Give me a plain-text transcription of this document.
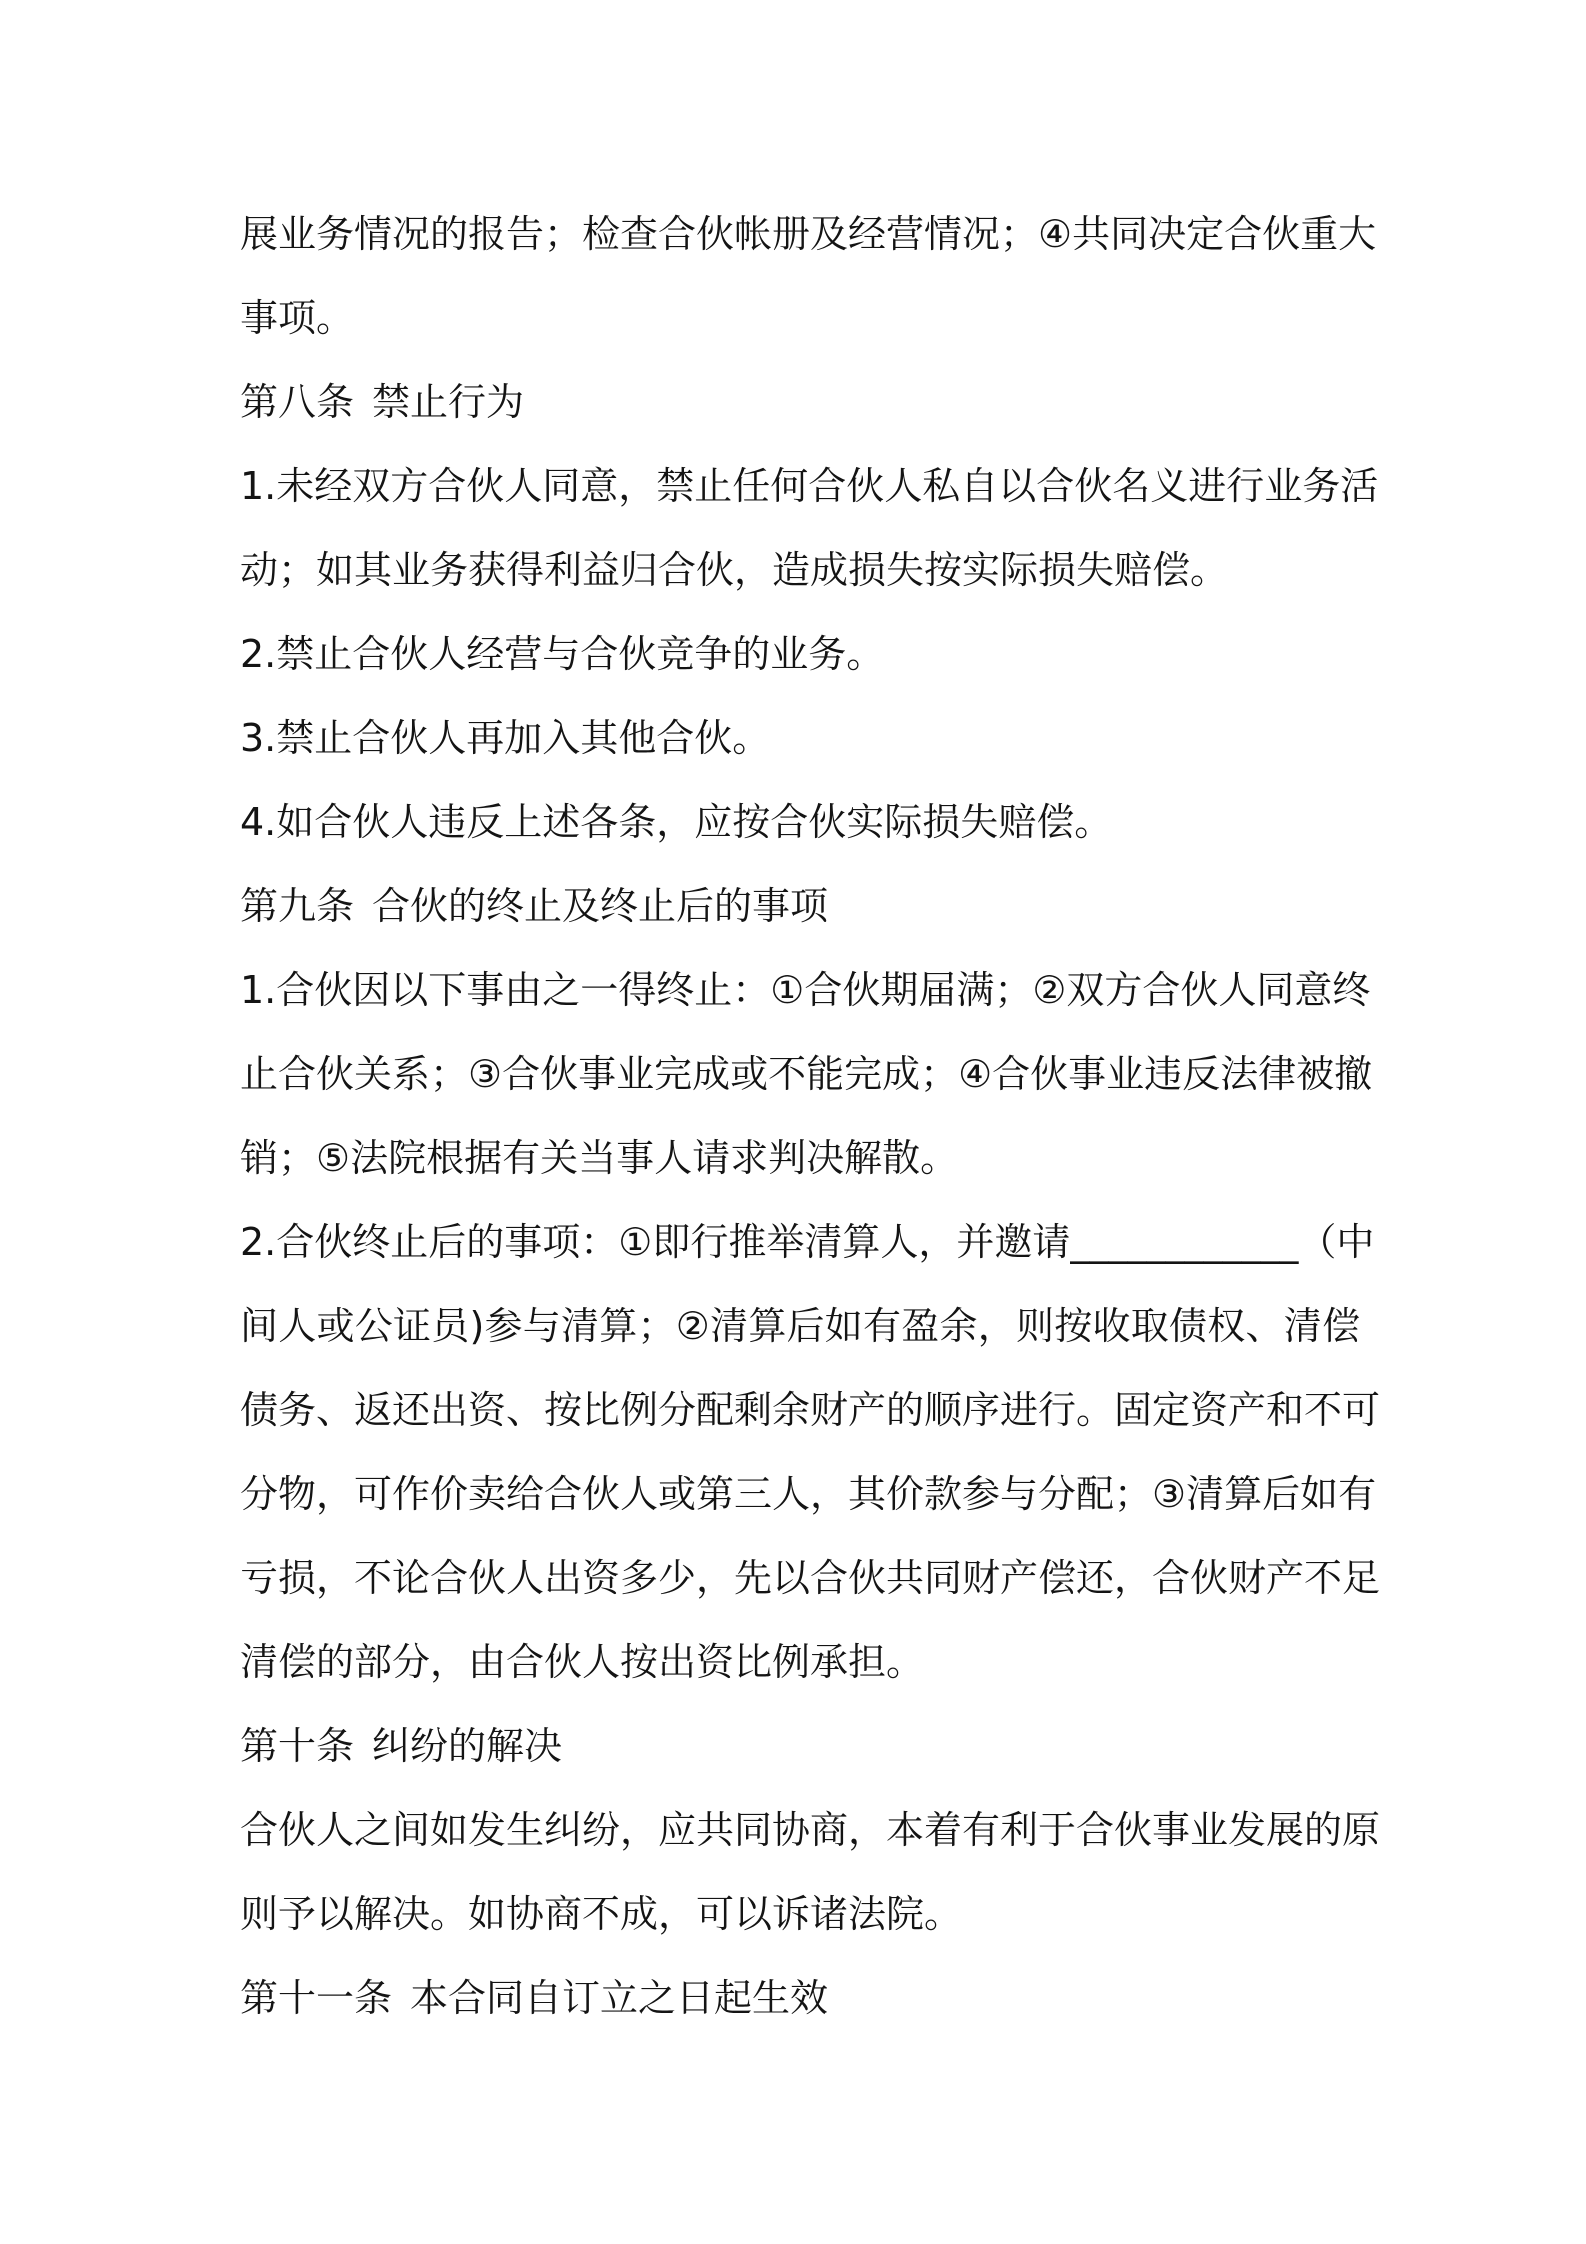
展业务情况的报告；检查合伙帐册及经营情况；④共同决定合伙重大
事项。
第八条 禁止行为
1.未经双方合伙人同意，禁止任何合伙人私自以合伙名义进行业务活
动；如其业务获得利益归合伙，造成损失按实际损失赔偿。
2.禁止合伙人经营与合伙竞争的业务。
3.禁止合伙人再加入其他合伙。
4.如合伙人违反上述各条，应按合伙实际损失赔偿。
第九条 合伙的终止及终止后的事项
1.合伙因以下事由之一得终止：①合伙期届满；②双方合伙人同意终
止合伙关系；③合伙事业完成或不能完成；④合伙事业违反法律被撤
销；⑤法院根据有关当事人请求判决解散。
2.合伙终止后的事项：①即行推举清算人，并邀请____________（中
间人或公证员)参与清算；②清算后如有盈余，则按收取债权、清偿
债务、返还出资、按比例分配剩余财产的顺序进行。固定资产和不可
分物，可作价卖给合伙人或第三人，其价款参与分配；③清算后如有
亏损，不论合伙人出资多少，先以合伙共同财产偿还，合伙财产不足
清偿的部分，由合伙人按出资比例承担。
第十条 纠纷的解决
合伙人之间如发生纠纷，应共同协商，本着有利于合伙事业发展的原
则予以解决。如协商不成，可以诉诸法院。
第十一条 本合同自订立之日起生效
